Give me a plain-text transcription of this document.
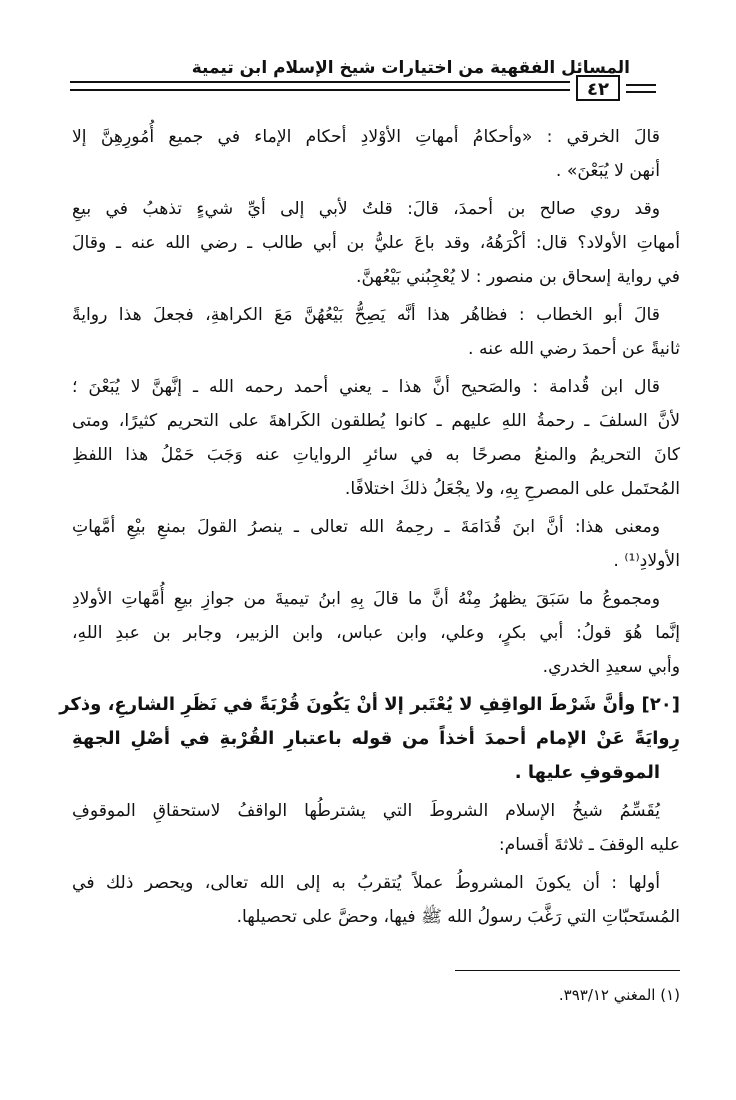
المسائل الفقهية من اختيارات شيخ الإسلام ابن تيمية
٤٢

قالَ الخرقي : «وأحكامُ أمهاتِ الأوْلادِ أحكام الإماء في جميع أُمُورِهِنَّ إلا
أنهن لا يُبَعْنَ» .

وقد روي صالح بن أحمدَ، قالَ: قلتُ لأبي إلى أيِّ شيءٍ تذهبُ في بيعِ
أمهاتِ الأولاد؟ قال: أكْرَهُهُ، وقد باعَ عليُّ بن أبي طالب ـ رضي الله عنه ـ وقالَ
في رواية إسحاق بن منصور : لا يُعْجِبُني بَيْعُهنَّ.

قالَ أبو الخطاب : فظاهُر هذا أنَّه يَصِحُّ بَيْعُهُنَّ مَعَ الكراهةِ، فجعلَ هذا روايةً
ثانيةً عن أحمدَ رضي الله عنه .

قال ابن قُدامة : والصَحيح أنَّ هذا ـ يعني أحمد رحمه الله ـ إنَّهنَّ لا يُبَعْنَ ؛
لأنَّ السلفَ ـ رحمةُ اللهِ عليهم ـ كانوا يُطلقون الكَراهةَ على التحريم كثيرًا، ومتى
كانَ التحريمُ والمنعُ مصرحًا به في سائرِ الرواياتِ عنه وَجَبَ حَمْلُ هذا اللفظِ
المُحتَمل على المصرحِ بِهِ، ولا يجْعَلُ ذلكَ اختلافًا.

ومعنى هذا: أنَّ ابنَ قُدَامَةَ ـ رحِمهُ الله تعالى ـ ينصرُ القولَ بمنعِ بيْعِ أمَّهاتِ
الأولادِ⁽¹⁾ .

ومجموعُ ما سَبَقَ يظهرُ مِنْهُ أنَّ ما قالَ بِهِ ابنُ تيميةَ من جوازِ بيعِ أُمَّهاتِ الأولادِ
إنَّما هُوَ قولُ: أبي بكرٍ، وعلي، وابن عباس، وابن الزبير، وجابر بن عبدِ اللهِ،
وأبي سعيدِ الخدري.

[٢٠] وأنَّ شَرْطَ الواقِفِ لا يُعْتَبر إلا أنْ يَكُونَ قُرْبَةً في نَظَرِ الشارعِ، وذكر
رِوايَةً عَنْ الإمام أحمدَ أخذاً من قوله باعتبارِ القُرْبةِ في أصْلِ الجهةِ
الموقوفِ عليها .

يُقَسِّمُ شيخُ الإسلام الشروطَ التي يشترطُها الواقفُ لاستحقاقِ الموقوفِ
عليه الوقفَ ـ ثلاثةَ أقسام:

أولها : أن يكونَ المشروطُ عملاً يُتقربُ به إلى الله تعالى، ويحصر ذلك في
المُستَحبّاتِ التي رَغَّبَ رسولُ الله ﷺ فيها، وحضَّ على تحصيلها.

(١) المغني ٣٩٣/١٢.
